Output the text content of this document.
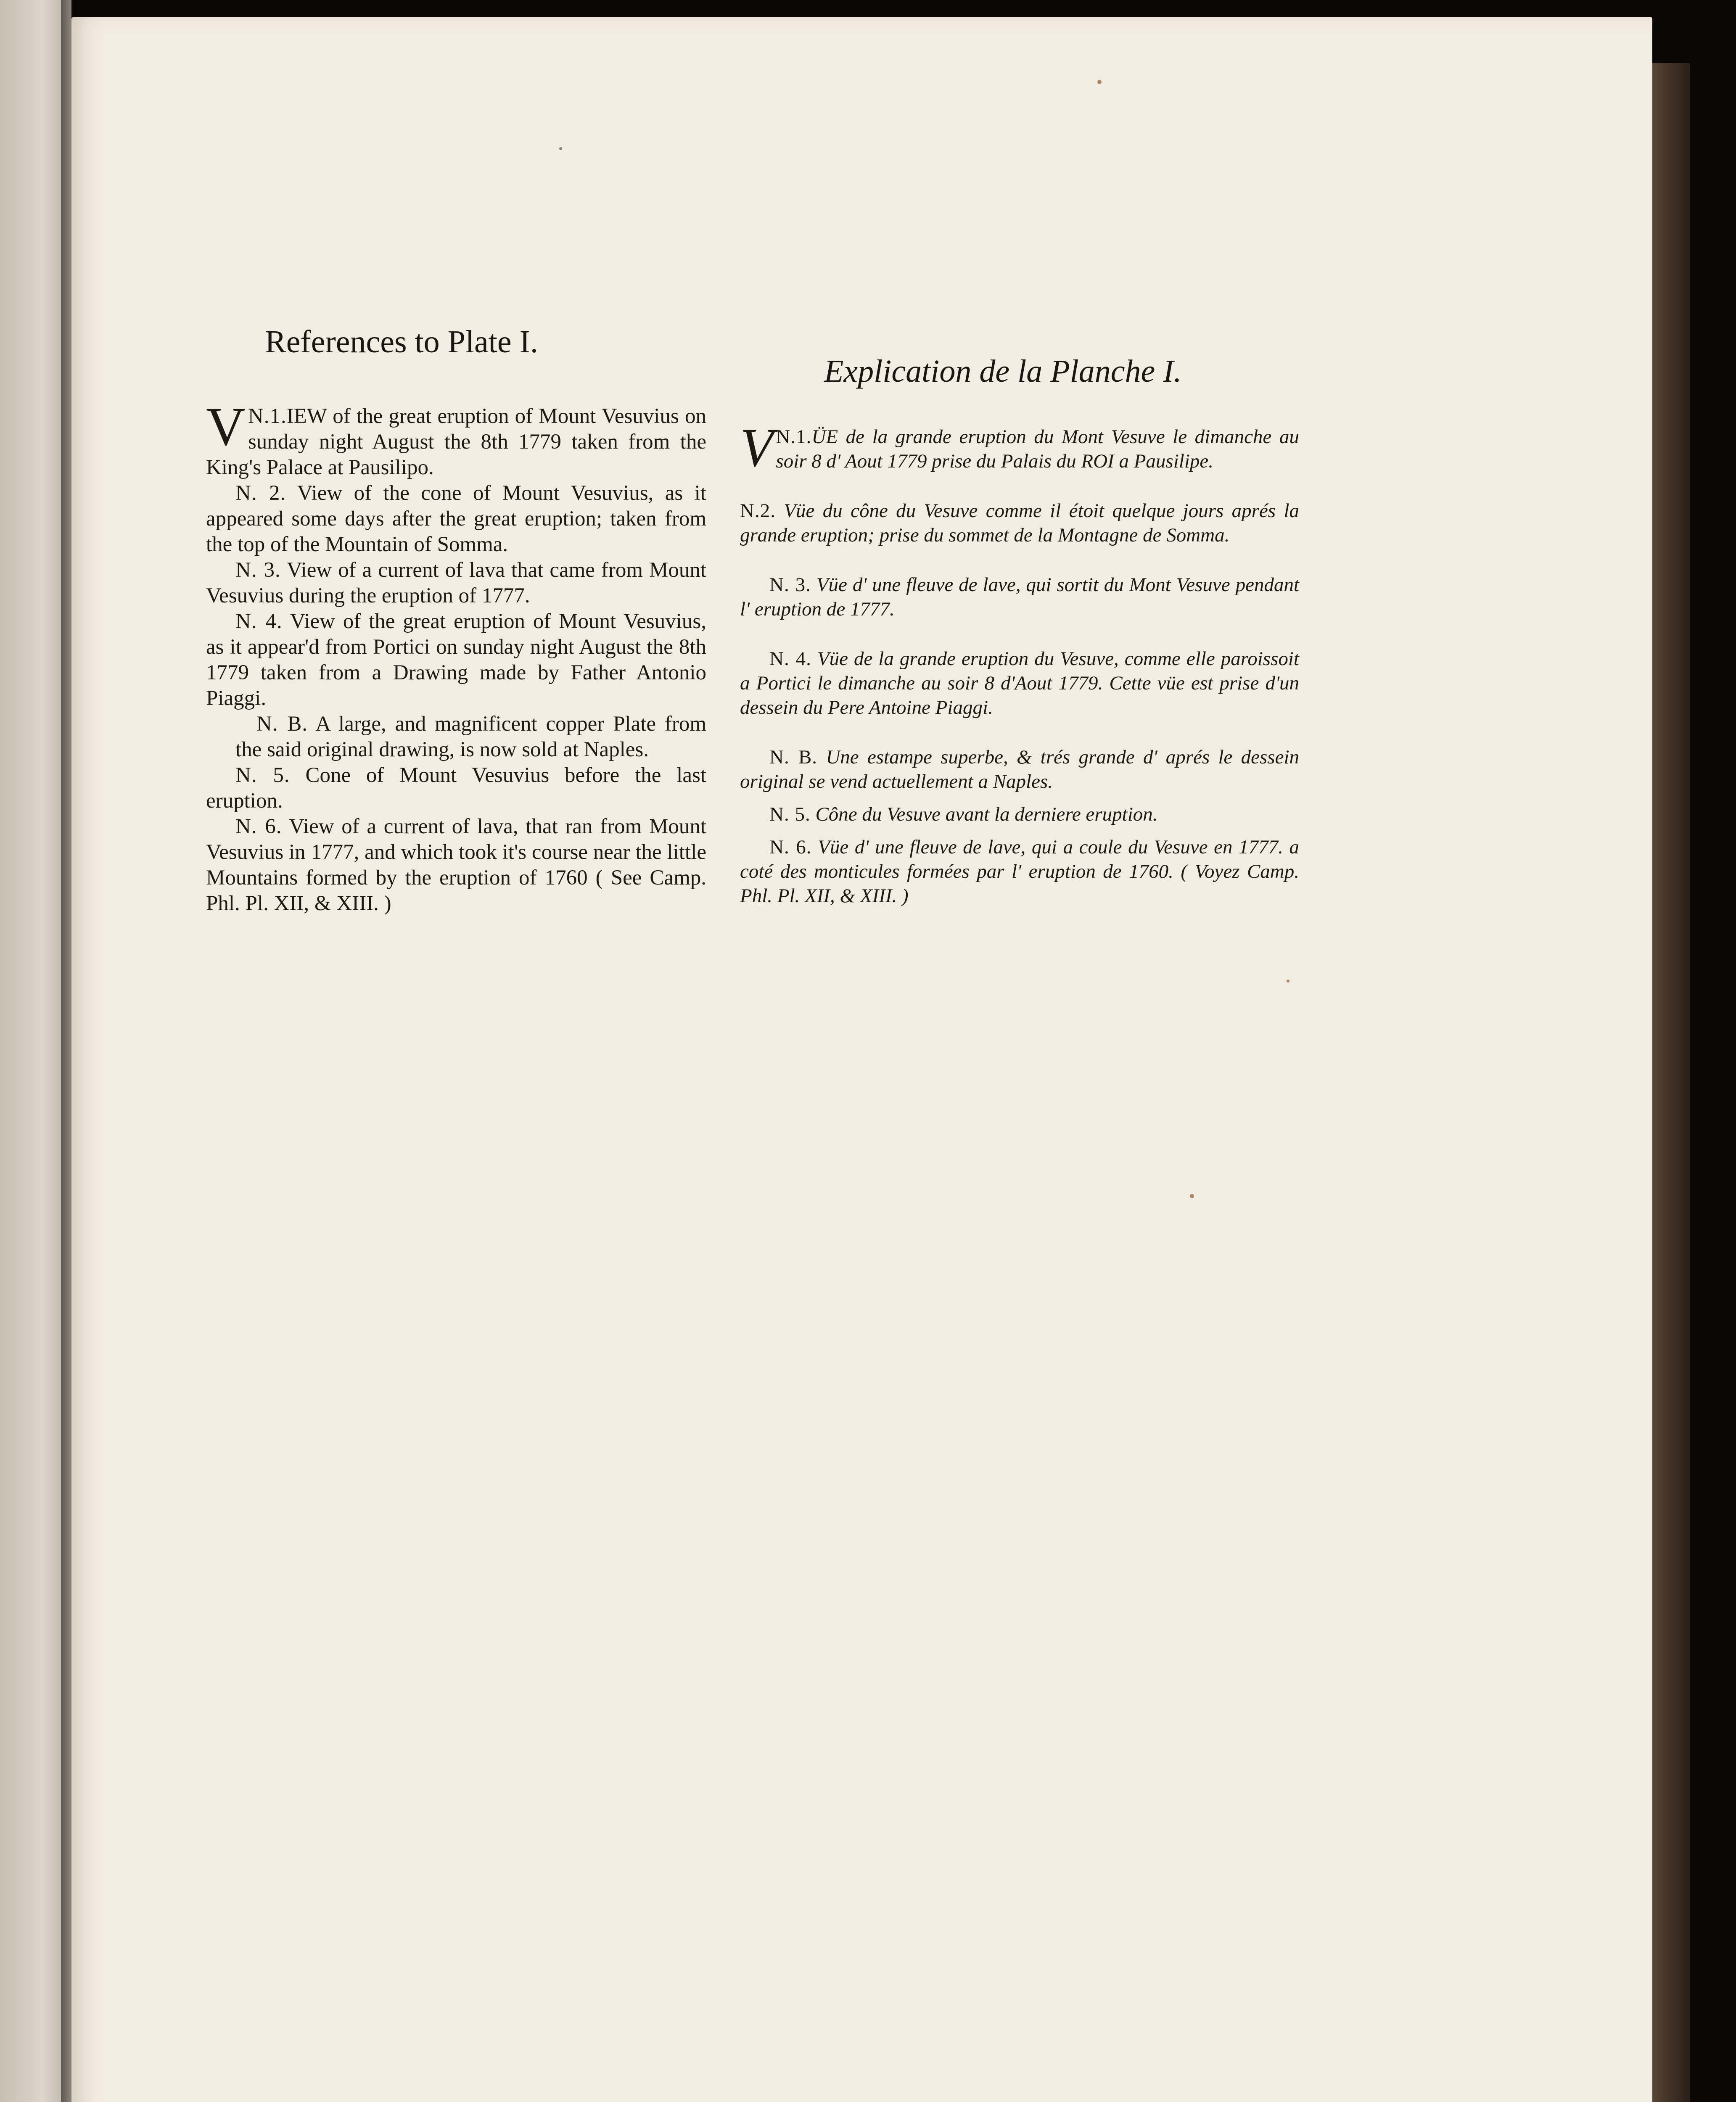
References to Plate I.

N.1.
V IEW of the great eruption of Mount Vesuvius on sunday night August the 8th 1779 taken from the King's Palace at Pausilipo.

N. 2. View of the cone of Mount Vesuvius, as it appeared some days after the great eruption; taken from the top of the Mountain of Somma.

N. 3. View of a current of lava that came from Mount Vesuvius during the eruption of 1777.

N. 4. View of the great eruption of Mount Vesuvius, as it appear'd from Portici on sunday night August the 8th 1779 taken from a Drawing made by Father Antonio Piaggi.

N. B. A large, and magnificent copper Plate from the said original drawing, is now sold at Naples.

N. 5. Cone of Mount Vesuvius before the last eruption.

N. 6. View of a current of lava, that ran from Mount Vesuvius in 1777, and which took it's course near the little Mountains formed by the eruption of 1760 ( See Camp. Phl. Pl. XII, & XIII. )

Explication de la Planche I.

N.1.
V ÜE de la grande eruption du Mont Vesuve le dimanche au soir 8 d' Aout 1779 prise du Palais du ROI a Pausilipe.

N.2. Vüe du cône du Vesuve comme il étoit quelque jours aprés la grande eruption; prise du sommet de la Montagne de Somma.

N. 3. Vüe d' une fleuve de lave, qui sortit du Mont Vesuve pendant l' eruption de 1777.

N. 4. Vüe de la grande eruption du Vesuve, comme elle paroissoit a Portici le dimanche au soir 8 d'Aout 1779. Cette vüe est prise d'un dessein du Pere Antoine Piaggi.

N. B. Une estampe superbe, & trés grande d' aprés le dessein original se vend actuellement a Naples.

N. 5. Cône du Vesuve avant la derniere eruption.

N. 6. Vüe d' une fleuve de lave, qui a coule du Vesuve en 1777. a coté des monticules formées par l' eruption de 1760. ( Voyez Camp. Phl. Pl. XII, & XIII. )
